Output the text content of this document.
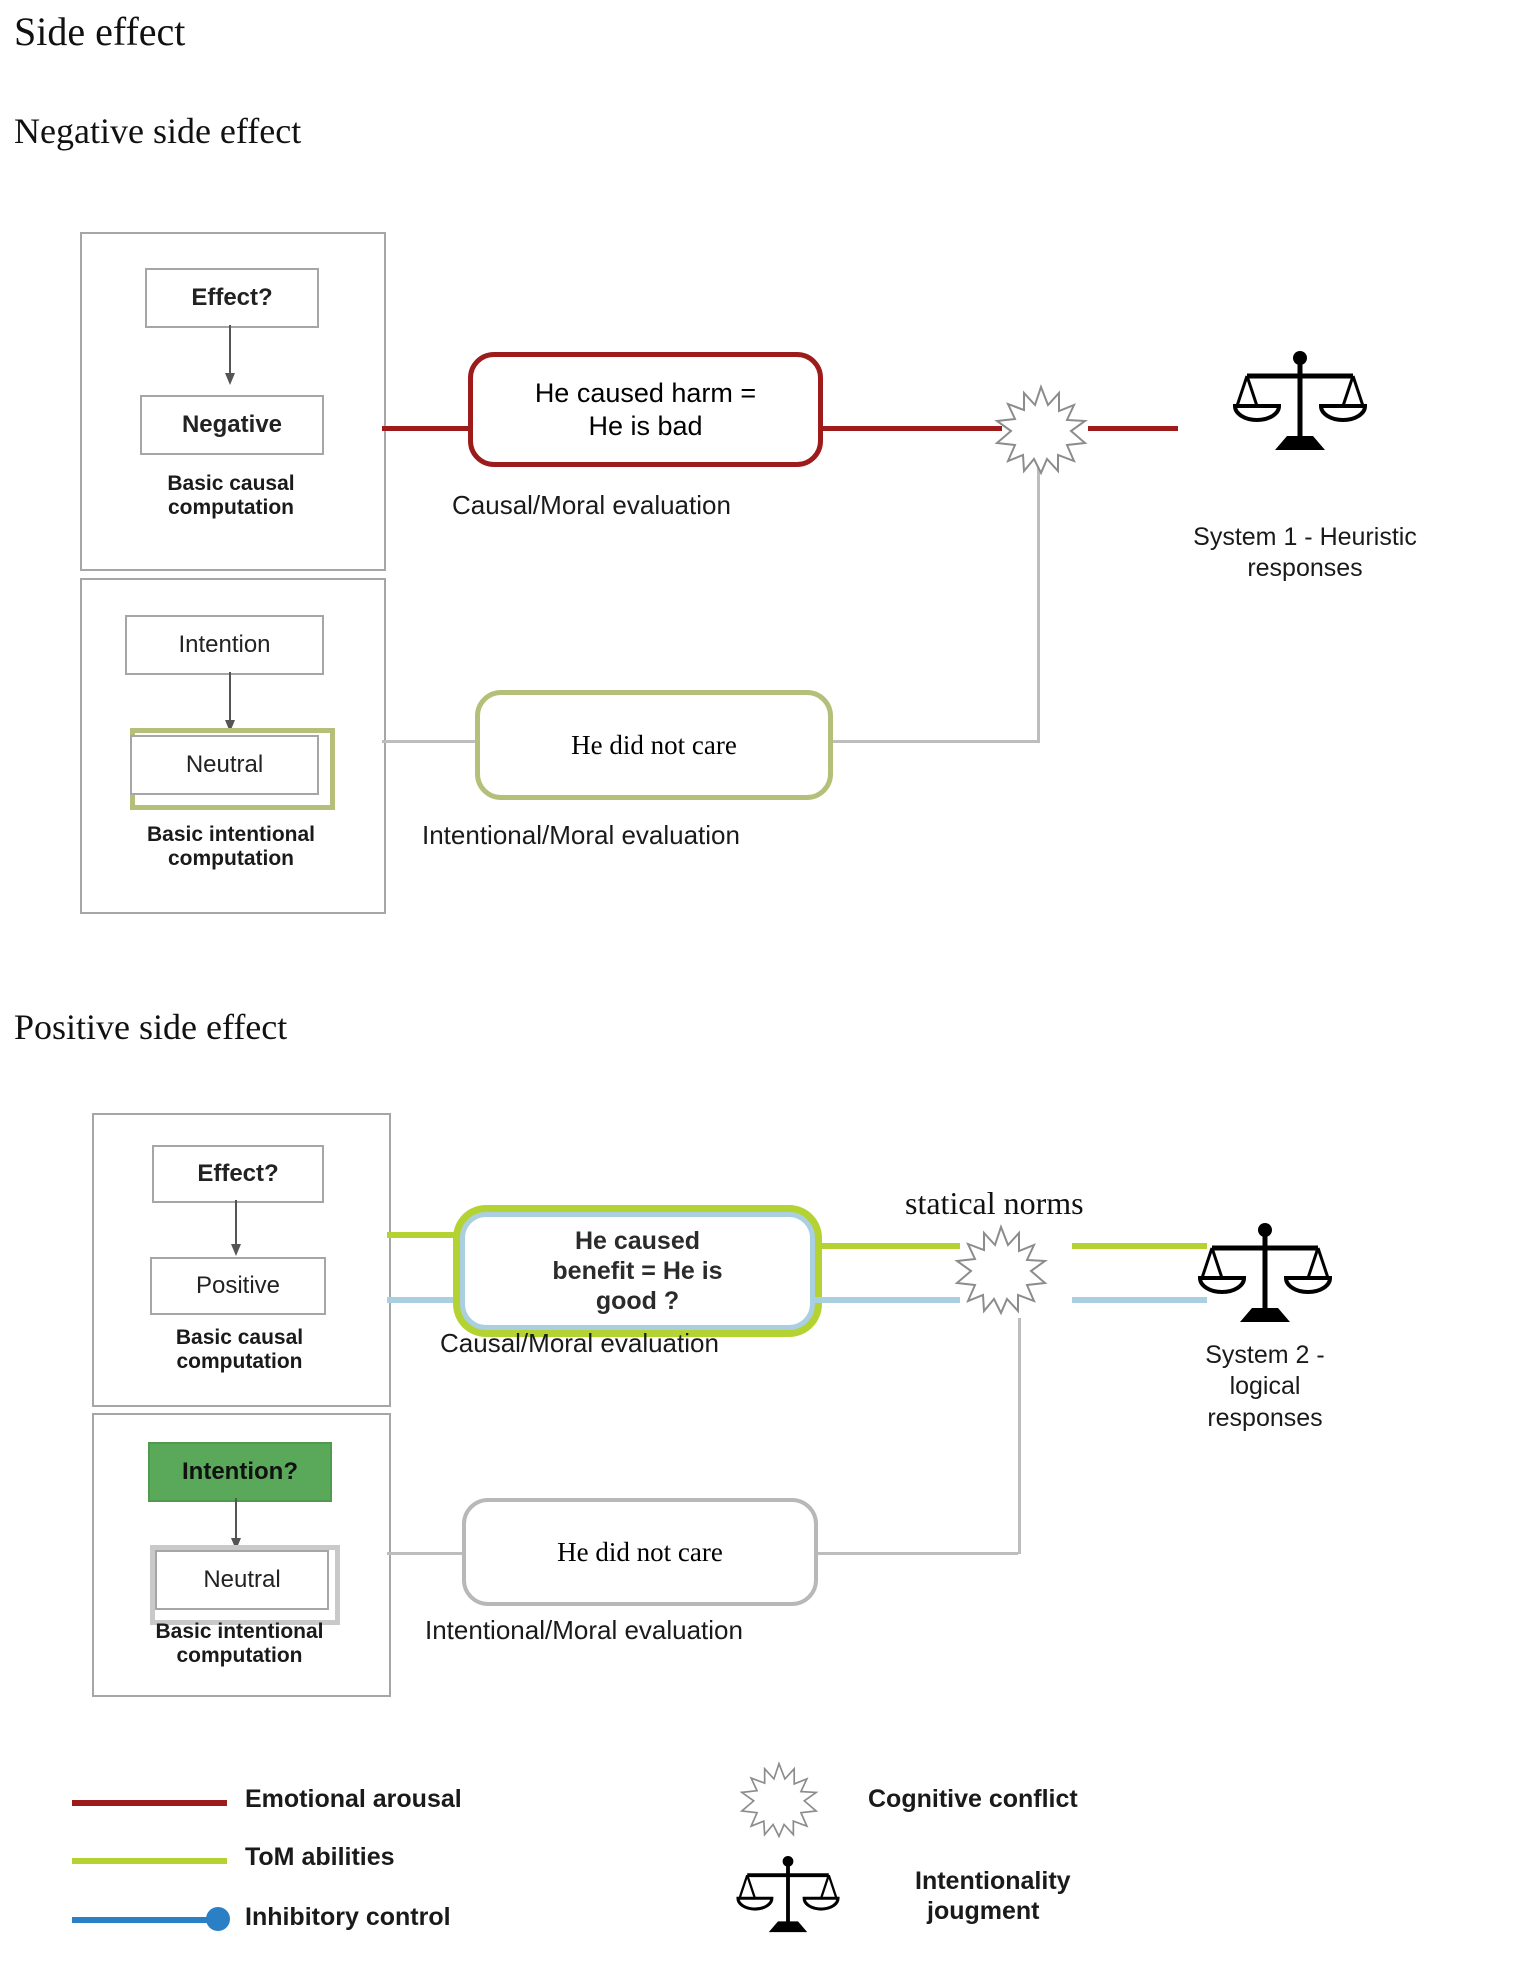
Side effect
Negative side effect
Positive side effect
Effect?
Negative
Basic causal
computation
Intention
Neutral
Basic intentional
computation
He caused harm =
He is bad
Causal/Moral evaluation
He did not care
Intentional/Moral evaluation
System 1 - Heuristic
responses
Effect?
Positive
Basic causal
computation
Intention?
Neutral
Basic intentional
computation
He caused
benefit = He is
good ?
Causal/Moral evaluation
statical norms
He did not care
Intentional/Moral evaluation
System 2 -
logical
responses
Emotional arousal
ToM abilities
Inhibitory control
Cognitive conflict
Intentionality
jougment
